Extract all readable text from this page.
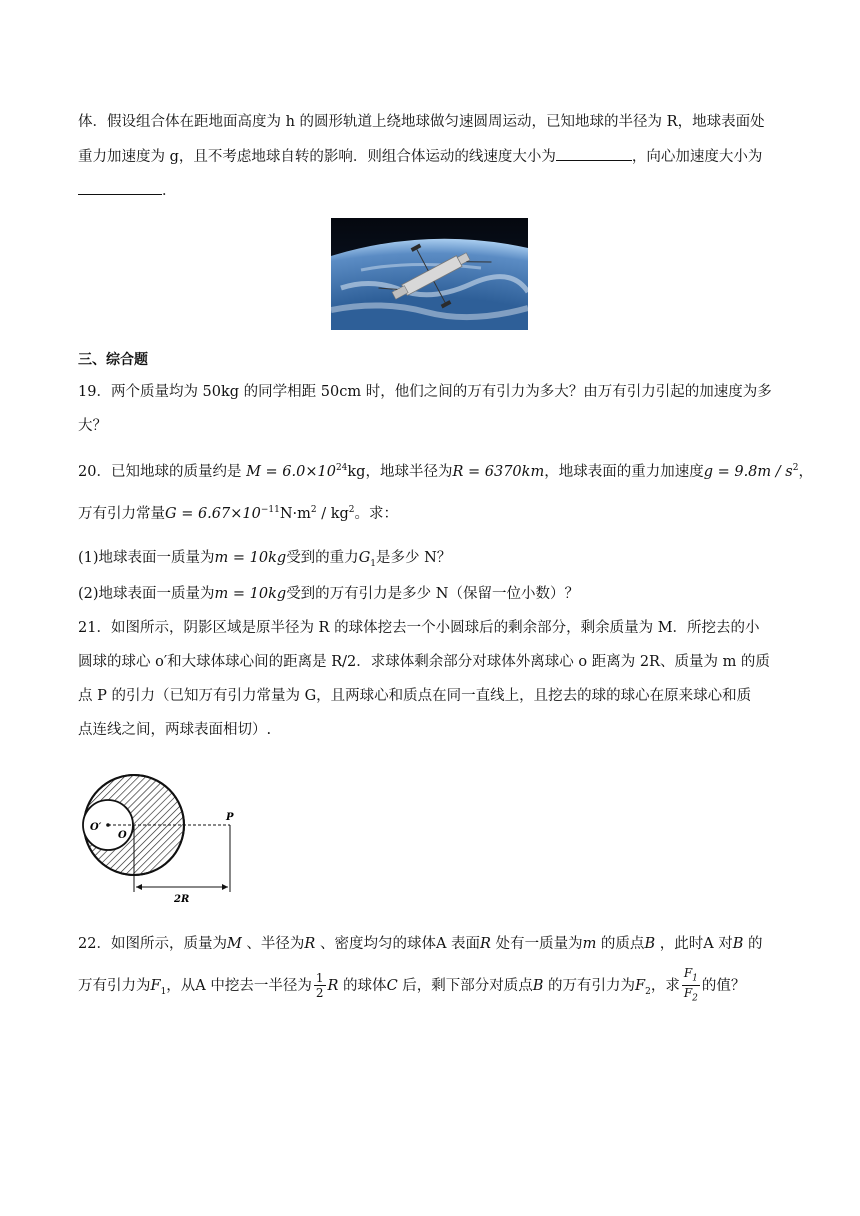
体．假设组合体在距地面高度为 h 的圆形轨道上绕地球做匀速圆周运动，已知地球的半径为 R，地球表面处
重力加速度为 g，且不考虑地球自转的影响．则组合体运动的线速度大小为	，向心加速度大小为
．
三、综合题
19．两个质量均为 50kg 的同学相距 50cm 时，他们之间的万有引力为多大？由万有引力引起的加速度为多
大？
20．已知地球的质量约是 $M = 6.0\times 10^{24}kg$，地球半径为R = 6370km，地球表面的重力加速度$g = 9.8m / s^2$，
万有引力常量$G = 6.67\times 10^{-11}N\cdot m^2 / kg^2$。求：
(1)地球表面一质量为m = 10kg受到的重力$G_1$是多少 N？
(2)地球表面一质量为m = 10kg受到的万有引力是多少 N（保留一位小数）？
21．如图所示，阴影区域是原半径为 R 的球体挖去一个小圆球后的剩余部分，剩余质量为 M．所挖去的小
圆球的球心 o′和大球体球心间的距离是 R/2．求球体剩余部分对球体外离球心 o 距离为 2R、质量为 m 的质
点 P 的引力（已知万有引力常量为 G，且两球心和质点在同一直线上，且挖去的球的球心在原来球心和质
点连线之间，两球表面相切）.
O′
O
P
2R
22．如图所示，质量为M 、半径为R 、密度均匀的球体A 表面R 处有一质量为m 的质点B ，此时A 对B 的
万有引力为$F_1$，从A 中挖去一半径为 $\frac{1}{2}$ R 的球体C 后，剩下部分对质点B 的万有引力为$F_2$，求 $\frac{F_1}{F_2}$ 的值？
